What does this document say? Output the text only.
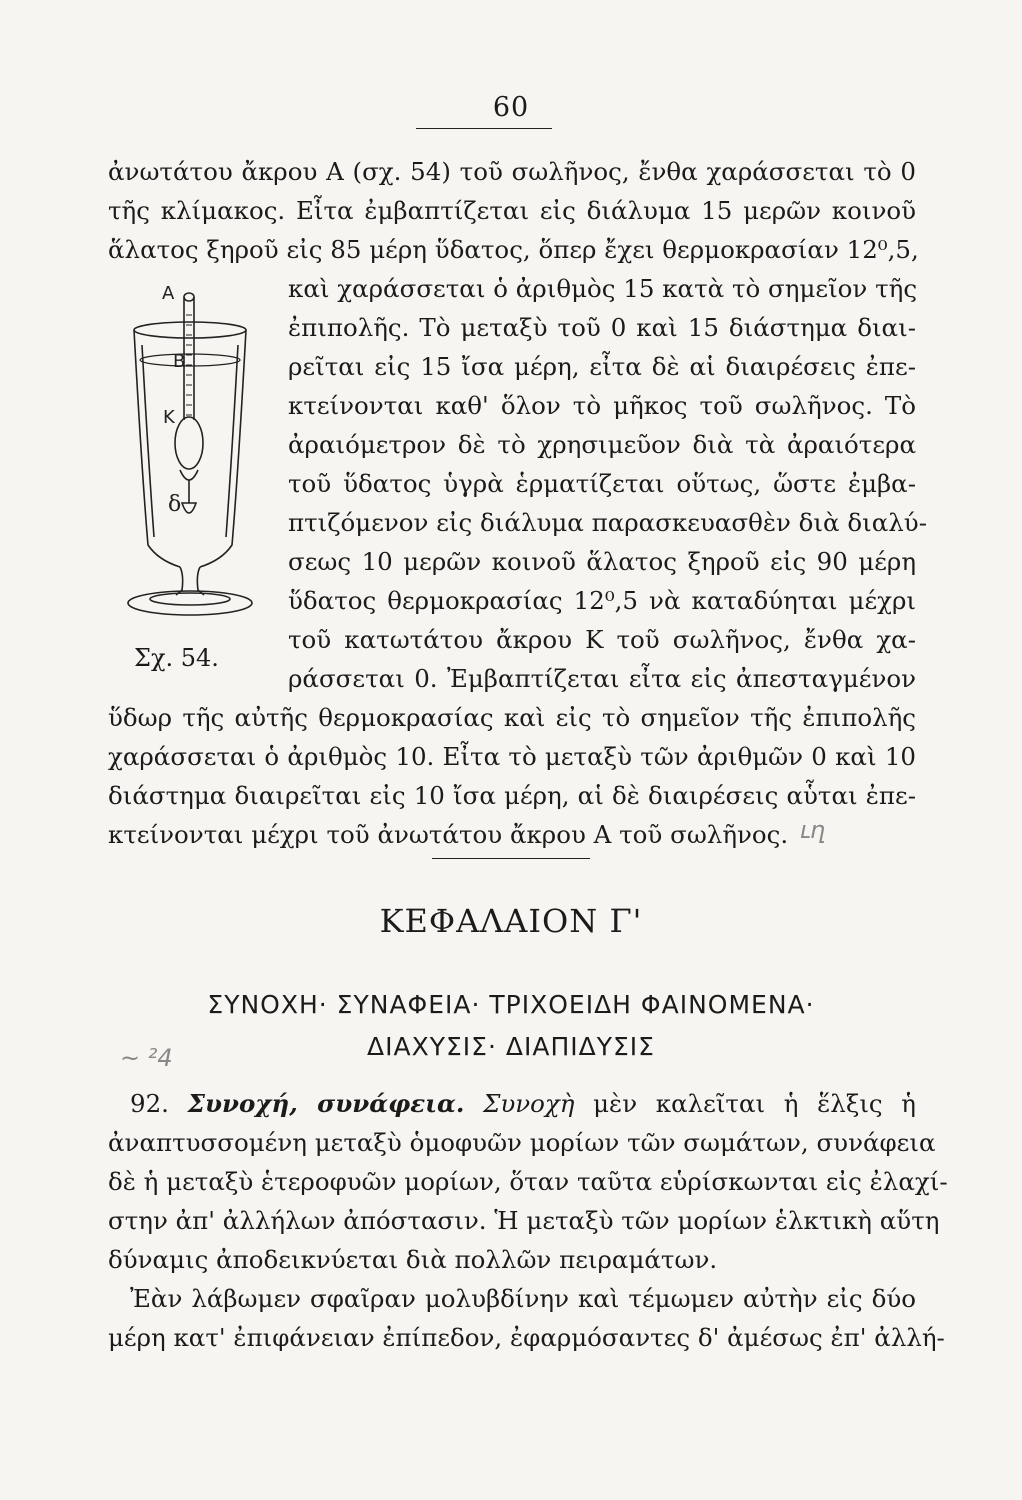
60
ἀνωτάτου ἄκρου Α (σχ. 54) τοῦ σωλῆνος, ἔνθα χαράσσεται τὸ 0
τῆς κλίμακος. Εἶτα ἐμβαπτίζεται εἰς διάλυμα 15 μερῶν κοινοῦ
ἅλατος ξηροῦ εἰς 85 μέρη ὕδατος, ὅπερ ἔχει θερμοκρασίαν 12⁰,5,
καὶ χαράσσεται ὁ ἀριθμὸς 15 κατὰ τὸ σημεῖον τῆς
ἐπιπολῆς. Τὸ μεταξὺ τοῦ 0 καὶ 15 διάστημα διαι-
ρεῖται εἰς 15 ἴσα μέρη, εἶτα δὲ αἱ διαιρέσεις ἐπε-
κτείνονται καθ' ὅλον τὸ μῆκος τοῦ σωλῆνος. Τὸ
ἀραιόμετρον δὲ τὸ χρησιμεῦον διὰ τὰ ἀραιότερα
τοῦ ὕδατος ὑγρὰ ἑρματίζεται οὕτως, ὥστε ἐμβα-
πτιζόμενον εἰς διάλυμα παρασκευασθὲν διὰ διαλύ-
σεως 10 μερῶν κοινοῦ ἅλατος ξηροῦ εἰς 90 μέρη
ὕδατος θερμοκρασίας 12⁰,5 νὰ καταδύηται μέχρι
τοῦ κατωτάτου ἄκρου Κ τοῦ σωλῆνος, ἔνθα χα-
ράσσεται 0. Ἐμβαπτίζεται εἶτα εἰς ἀπεσταγμένον
Α
Β
Κ
δ
Σχ. 54.
ὕδωρ τῆς αὐτῆς θερμοκρασίας καὶ εἰς τὸ σημεῖον τῆς ἐπιπολῆς
χαράσσεται ὁ ἀριθμὸς 10. Εἶτα τὸ μεταξὺ τῶν ἀριθμῶν 0 καὶ 10
διάστημα διαιρεῖται εἰς 10 ἴσα μέρη, αἱ δὲ διαιρέσεις αὗται ἐπε-
κτείνονται μέχρι τοῦ ἀνωτάτου ἄκρου Α τοῦ σωλῆνος. ւղ
ΚΕΦΑΛΑΙΟΝ Γ'
ΣΥΝΟΧΗ· ΣΥΝΑΦΕΙΑ· ΤΡΙΧΟΕΙΔΗ ΦΑΙΝΟΜΕΝΑ·
ΔΙΑΧΥΣΙΣ· ΔΙΑΠΙΔΥΣΙΣ
~ ²4
92. Συνοχή, συνάφεια. Συνοχὴ μὲν καλεῖται ἡ ἕλξις ἡ
ἀναπτυσσομένη μεταξὺ ὁμοφυῶν μορίων τῶν σωμάτων, συνάφεια
δὲ ἡ μεταξὺ ἑτεροφυῶν μορίων, ὅταν ταῦτα εὑρίσκωνται εἰς ἐλαχί-
στην ἀπ' ἀλλήλων ἀπόστασιν. Ἡ μεταξὺ τῶν μορίων ἑλκτικὴ αὕτη
δύναμις ἀποδεικνύεται διὰ πολλῶν πειραμάτων.
Ἐὰν λάβωμεν σφαῖραν μολυβδίνην καὶ τέμωμεν αὐτὴν εἰς δύο
μέρη κατ' ἐπιφάνειαν ἐπίπεδον, ἐφαρμόσαντες δ' ἀμέσως ἐπ' ἀλλή-
